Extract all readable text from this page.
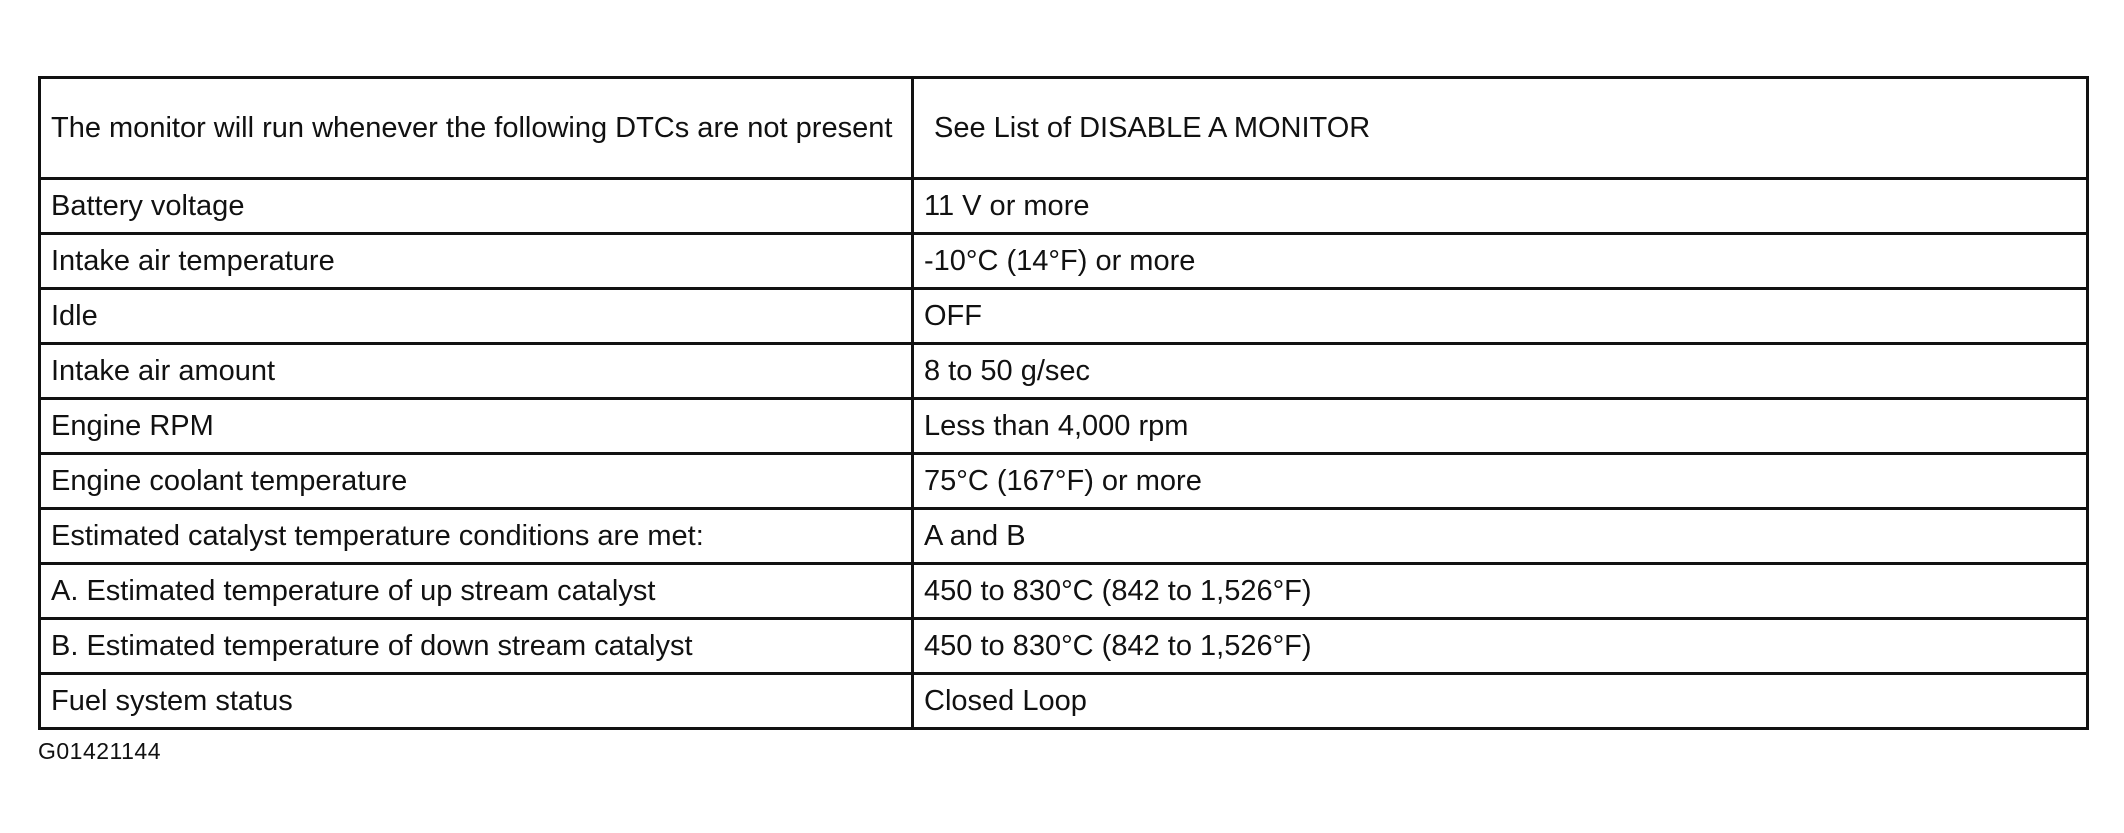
The monitor will run whenever the following DTCs are not present	See List of DISABLE A MONITOR
Battery voltage	11 V or more
Intake air temperature	-10°C (14°F) or more
Idle	OFF
Intake air amount	8 to 50 g/sec
Engine RPM	Less than 4,000 rpm
Engine coolant temperature	75°C (167°F) or more
Estimated catalyst temperature conditions are met:	A and B
A. Estimated temperature of up stream catalyst	450 to 830°C (842 to 1,526°F)
B. Estimated temperature of down stream catalyst	450 to 830°C (842 to 1,526°F)
Fuel system status	Closed Loop
G01421144
